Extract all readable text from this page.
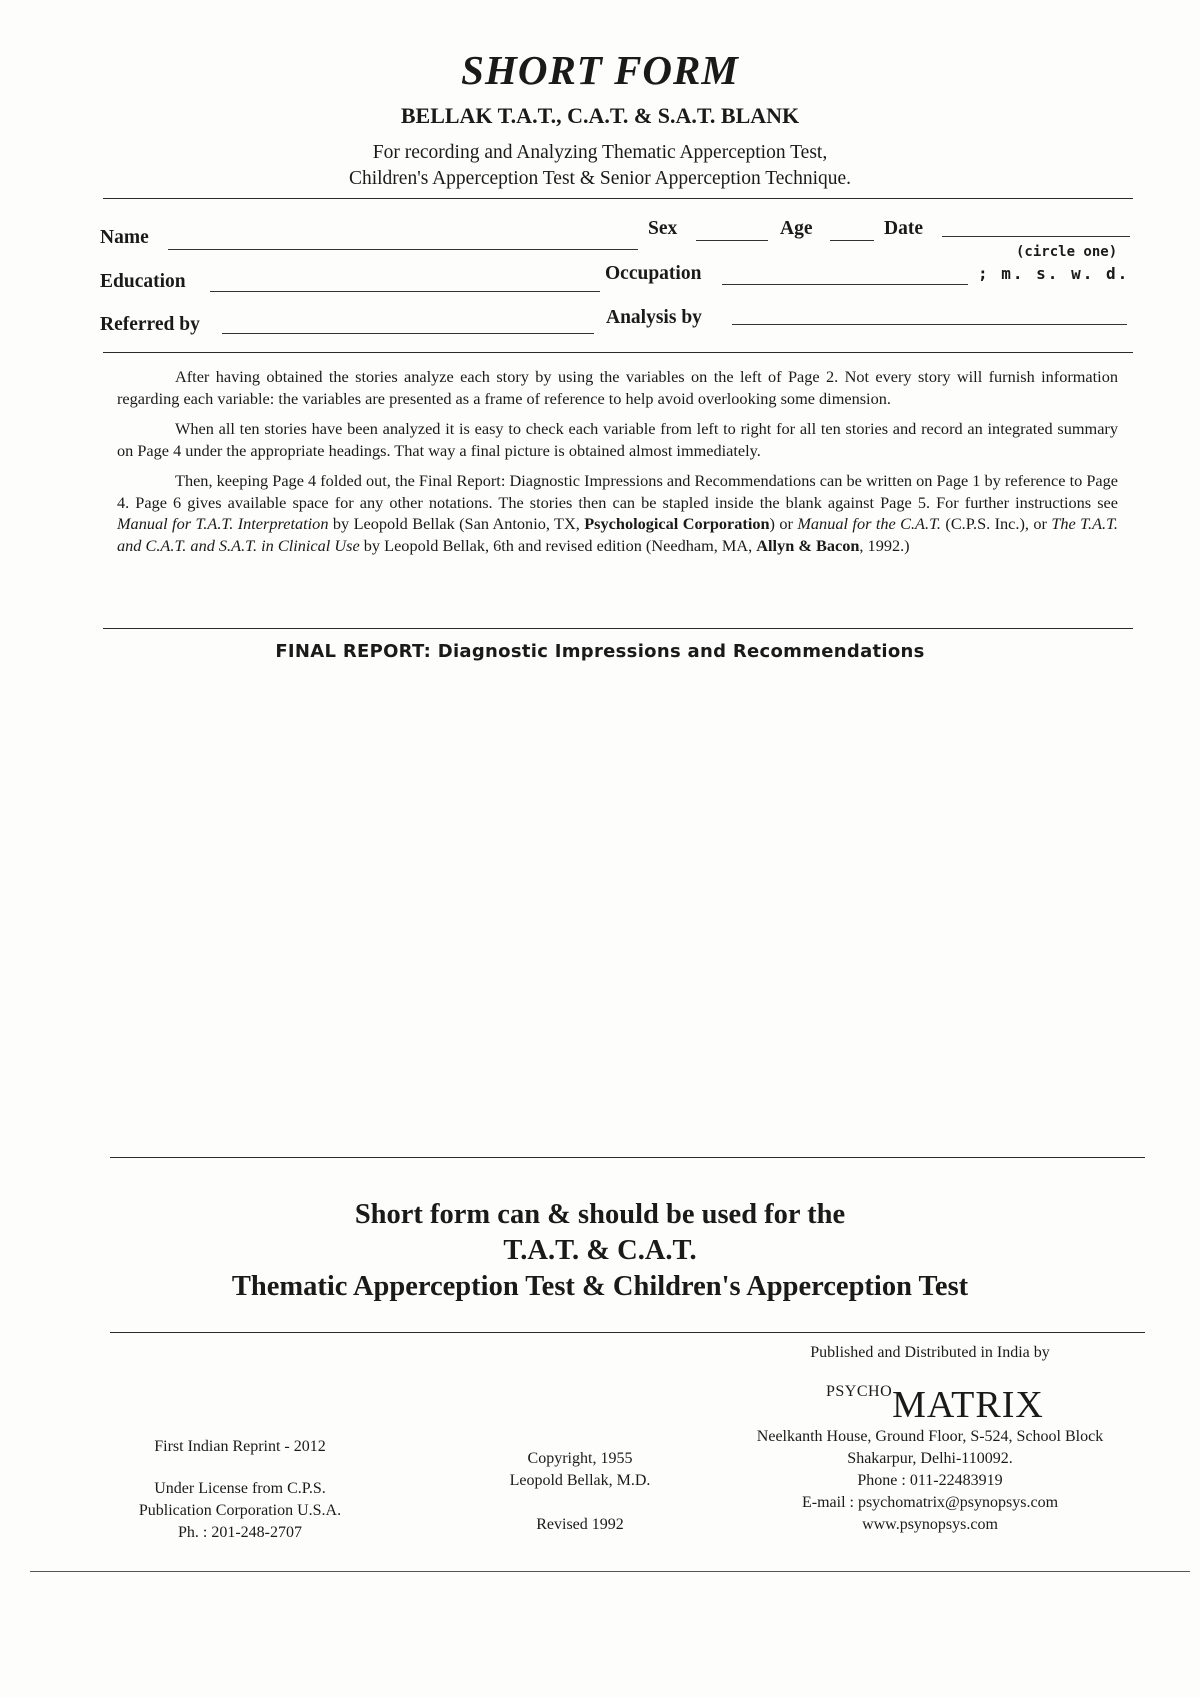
SHORT FORM
BELLAK T.A.T., C.A.T. & S.A.T. BLANK
For recording and Analyzing Thematic Apperception Test,
Children's Apperception Test & Senior Apperception Technique.
Name	Sex	Age	Date
(circle one)
Education	Occupation	; m. s. w. d.
Referred by	Analysis by

After having obtained the stories analyze each story by using the variables on the left of Page 2. Not every story will furnish information regarding each variable: the variables are presented as a frame of reference to help avoid overlooking some dimension.

When all ten stories have been analyzed it is easy to check each variable from left to right for all ten stories and record an integrated summary on Page 4 under the appropriate headings. That way a final picture is obtained almost immediately.

Then, keeping Page 4 folded out, the Final Report: Diagnostic Impressions and Recommendations can be written on Page 1 by reference to Page 4. Page 6 gives available space for any other notations. The stories then can be stapled inside the blank against Page 5. For further instructions see Manual for T.A.T. Interpretation by Leopold Bellak (San Antonio, TX, Psychological Corporation) or Manual for the C.A.T. (C.P.S. Inc.), or The T.A.T. and C.A.T. and S.A.T. in Clinical Use by Leopold Bellak, 6th and revised edition (Needham, MA, Allyn & Bacon, 1992.)

FINAL REPORT: Diagnostic Impressions and Recommendations
Short form can & should be used for the
T.A.T. & C.A.T.
Thematic Apperception Test & Children's Apperception Test
Published and Distributed in India by
PSYCHOMATRIX
First Indian Reprint - 2012
Under License from C.P.S.
Publication Corporation U.S.A.
Ph. : 201-248-2707
Copyright, 1955
Leopold Bellak, M.D.
Revised 1992
Neelkanth House, Ground Floor, S-524, School Block
Shakarpur, Delhi-110092.
Phone : 011-22483919
E-mail : psychomatrix@psynopsys.com
www.psynopsys.com
